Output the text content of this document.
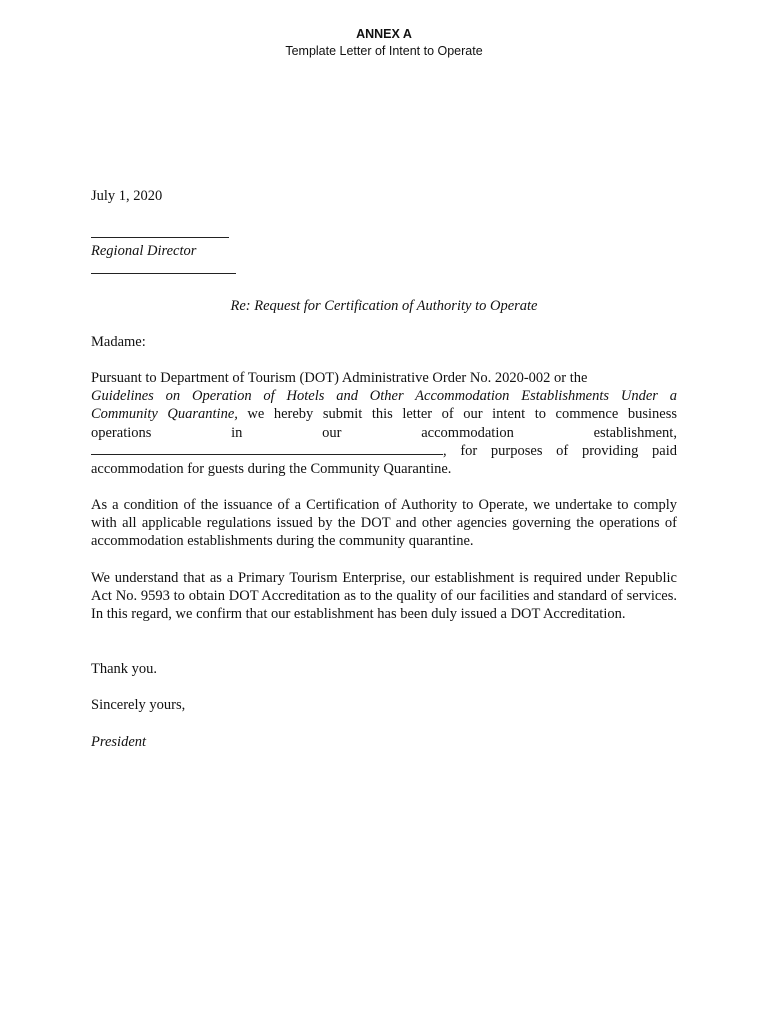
ANNEX A
Template Letter of Intent to Operate
July 1, 2020
Regional Director
Re: Request for Certification of Authority to Operate
Madame:
Pursuant to Department of Tourism (DOT) Administrative Order No. 2020-002 or the
Guidelines on Operation of Hotels and Other Accommodation Establishments Under a
Community Quarantine, we hereby submit this letter of our intent to commence business
operations	in	our	accommodation	establishment,
, for purposes of providing paid
accommodation for guests during the Community Quarantine.
As a condition of the issuance of a Certification of Authority to Operate, we undertake to comply with all applicable regulations issued by the DOT and other agencies governing the operations of accommodation establishments during the community quarantine.
We understand that as a Primary Tourism Enterprise, our establishment is required under Republic Act No. 9593 to obtain DOT Accreditation as to the quality of our facilities and standard of services. In this regard, we confirm that our establishment has been duly issued a DOT Accreditation.
Thank you.
Sincerely yours,
President
